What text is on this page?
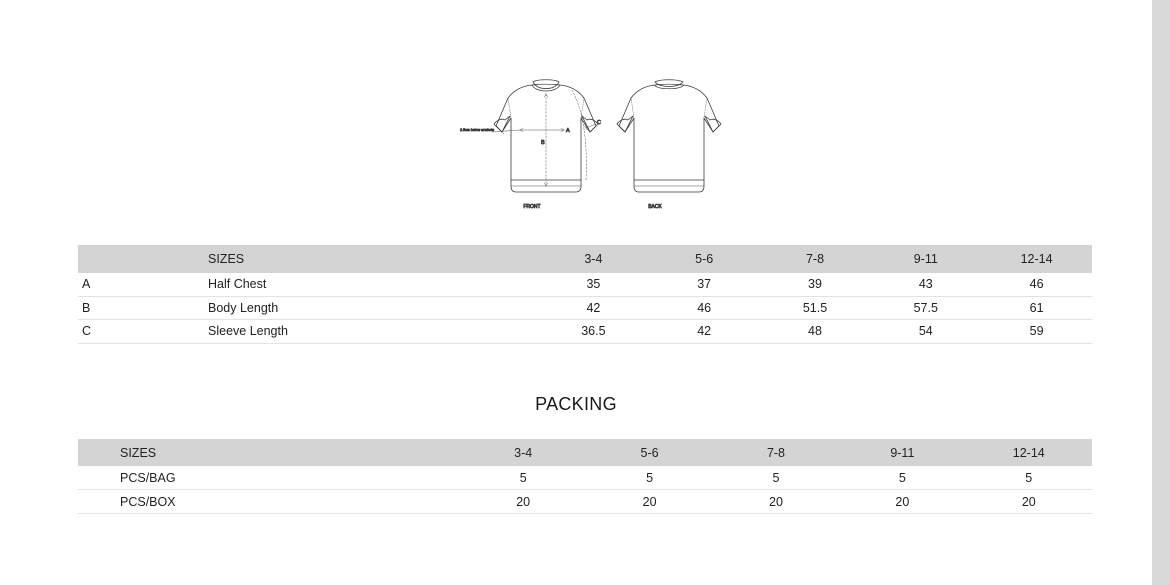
A
B
C
2.5cm below armhole
FRONT	BACK
	SIZES	3-4	5-6	7-8	9-11	12-14
A	Half Chest	35	37	39	43	46
B	Body Length	42	46	51.5	57.5	61
C	Sleeve Length	36.5	42	48	54	59
PACKING
SIZES	3-4	5-6	7-8	9-11	12-14
PCS/BAG	5	5	5	5	5
PCS/BOX	20	20	20	20	20
